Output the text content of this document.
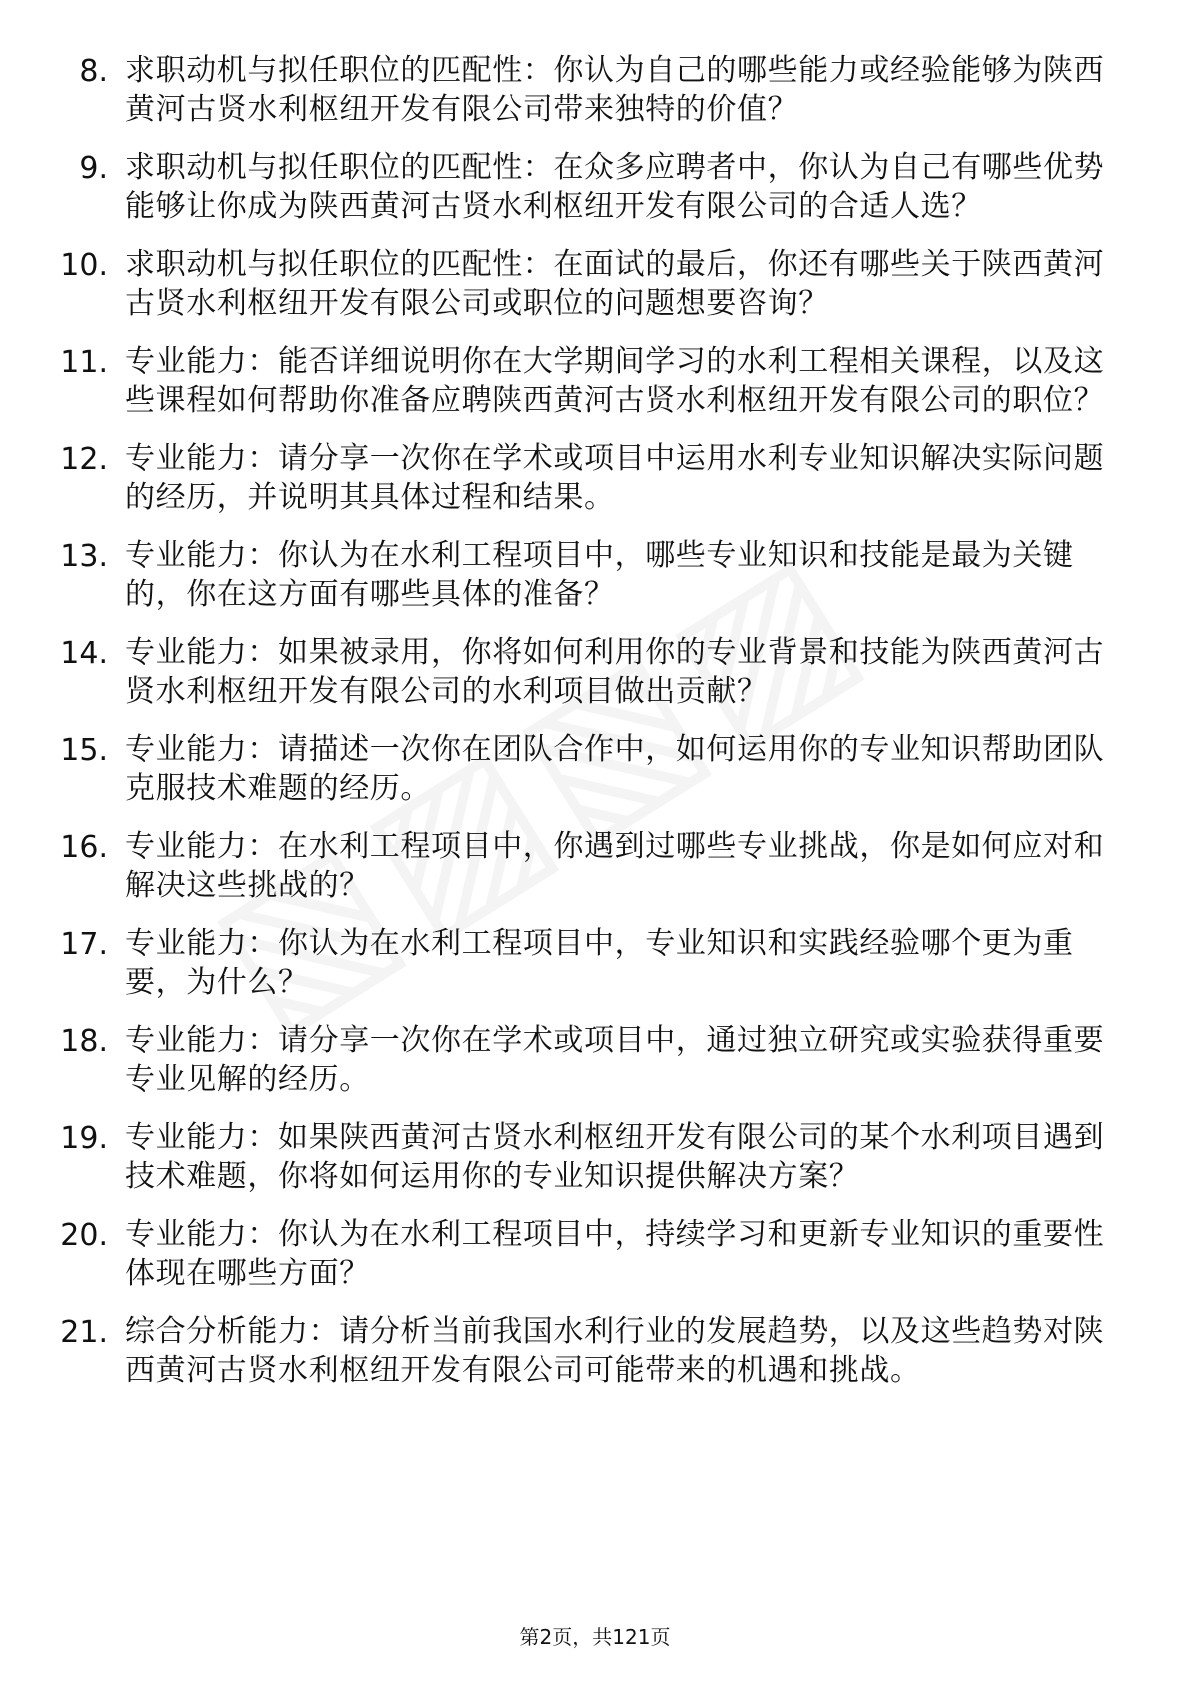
8. 求职动机与拟任职位的匹配性：你认为自己的哪些能力或经验能够为陕西黄河古贤水利枢纽开发有限公司带来独特的价值？
9. 求职动机与拟任职位的匹配性：在众多应聘者中，你认为自己有哪些优势能够让你成为陕西黄河古贤水利枢纽开发有限公司的合适人选？
10. 求职动机与拟任职位的匹配性：在面试的最后，你还有哪些关于陕西黄河古贤水利枢纽开发有限公司或职位的问题想要咨询？
11. 专业能力：能否详细说明你在大学期间学习的水利工程相关课程，以及这些课程如何帮助你准备应聘陕西黄河古贤水利枢纽开发有限公司的职位？
12. 专业能力：请分享一次你在学术或项目中运用水利专业知识解决实际问题的经历，并说明其具体过程和结果。
13. 专业能力：你认为在水利工程项目中，哪些专业知识和技能是最为关键的，你在这方面有哪些具体的准备？
14. 专业能力：如果被录用，你将如何利用你的专业背景和技能为陕西黄河古贤水利枢纽开发有限公司的水利项目做出贡献？
15. 专业能力：请描述一次你在团队合作中，如何运用你的专业知识帮助团队克服技术难题的经历。
16. 专业能力：在水利工程项目中，你遇到过哪些专业挑战，你是如何应对和解决这些挑战的？
17. 专业能力：你认为在水利工程项目中，专业知识和实践经验哪个更为重要，为什么？
18. 专业能力：请分享一次你在学术或项目中，通过独立研究或实验获得重要专业见解的经历。
19. 专业能力：如果陕西黄河古贤水利枢纽开发有限公司的某个水利项目遇到技术难题，你将如何运用你的专业知识提供解决方案？
20. 专业能力：你认为在水利工程项目中，持续学习和更新专业知识的重要性体现在哪些方面？
21. 综合分析能力：请分析当前我国水利行业的发展趋势，以及这些趋势对陕西黄河古贤水利枢纽开发有限公司可能带来的机遇和挑战。
第2页，共121页
